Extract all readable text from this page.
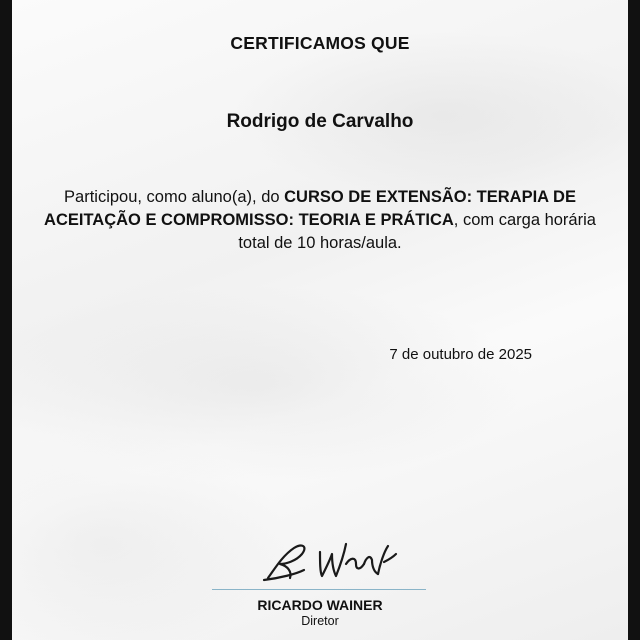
CERTIFICAMOS QUE
Rodrigo de Carvalho
Participou, como aluno(a), do CURSO DE EXTENSÃO: TERAPIA DE ACEITAÇÃO E COMPROMISSO: TEORIA E PRÁTICA, com carga horária total de 10 horas/aula.
7 de outubro de 2025
RICARDO WAINER
Diretor
